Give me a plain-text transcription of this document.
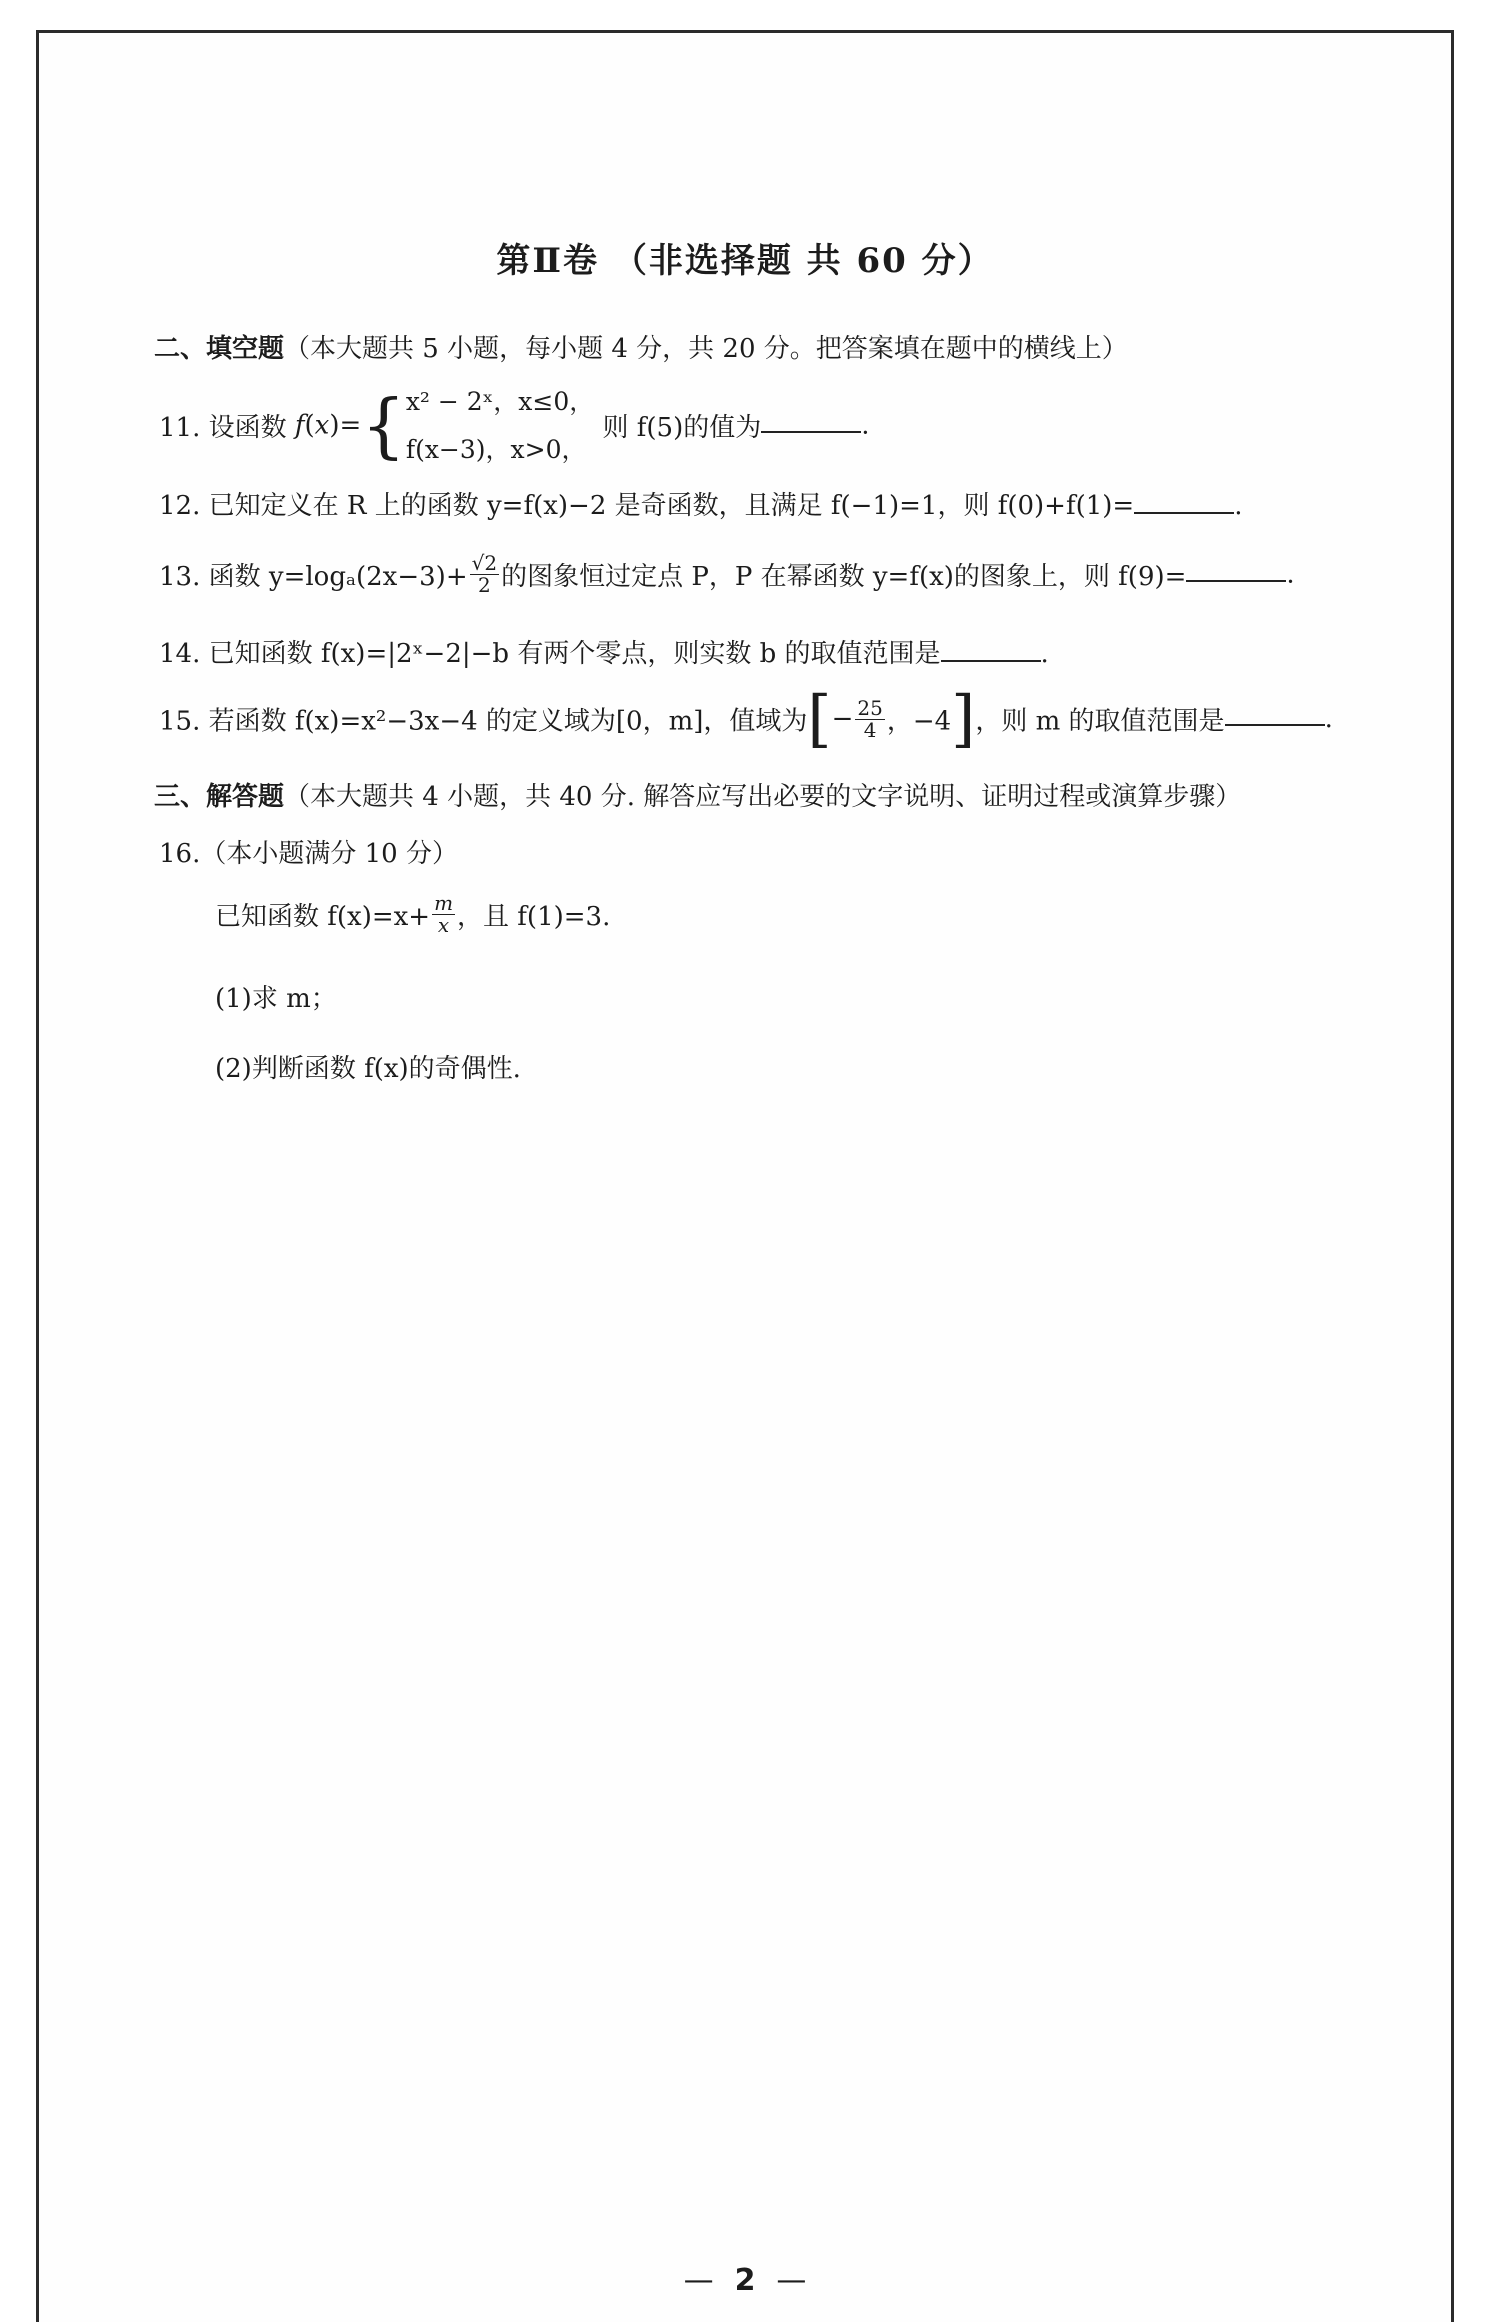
第Ⅱ卷 （非选择题 共 60 分）
二、填空题（本大题共 5 小题，每小题 4 分，共 20 分。把答案填在题中的横线上）
11. 设函数 f(x)={ x² − 2ˣ，x≤0，
f(x−3)，x>0，
则 f(5)的值为	.
12. 已知定义在 R 上的函数 y=f(x)−2 是奇函数，且满足 f(−1)=1，则 f(0)+f(1)=	.
13. 函数 $y=\log_a(2x-3)+ \frac{√2}{2}$ 的图象恒过定点 P，P 在幂函数 y=f(x)的图象上，则 f(9)=	.
14. 已知函数 f(x)=|2ˣ−2|−b 有两个零点，则实数 b 的取值范围是	.
15. 若函数 f(x)=x²−3x−4 的定义域为[0，m]，值域为[− $\frac{25}{4}$ ，−4]，则 m 的取值范围是	.
三、解答题（本大题共 4 小题，共 40 分. 解答应写出必要的文字说明、证明过程或演算步骤）
16.（本小题满分 10 分）
已知函数 $f(x)=x+ \frac{m}{x}$ ，且 f(1)=3.
(1)求 m；
(2)判断函数 f(x)的奇偶性.
— 2 —
